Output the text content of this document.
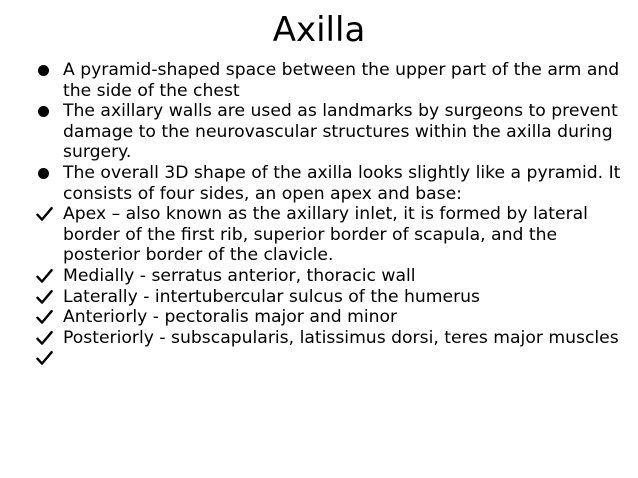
Axilla
A pyramid-shaped space between the upper part of the arm and the side of the chest
The axillary walls are used as landmarks by surgeons to prevent damage to the neurovascular structures within the axilla during surgery.
The overall 3D shape of the axilla looks slightly like a pyramid. It consists of four sides, an open apex and base:
Apex – also known as the axillary inlet, it is formed by lateral border of the first rib, superior border of scapula, and the posterior border of the clavicle.
Medially - serratus anterior, thoracic wall
Laterally - intertubercular sulcus of the humerus
Anteriorly - pectoralis major and minor
Posteriorly - subscapularis, latissimus dorsi, teres major muscles
